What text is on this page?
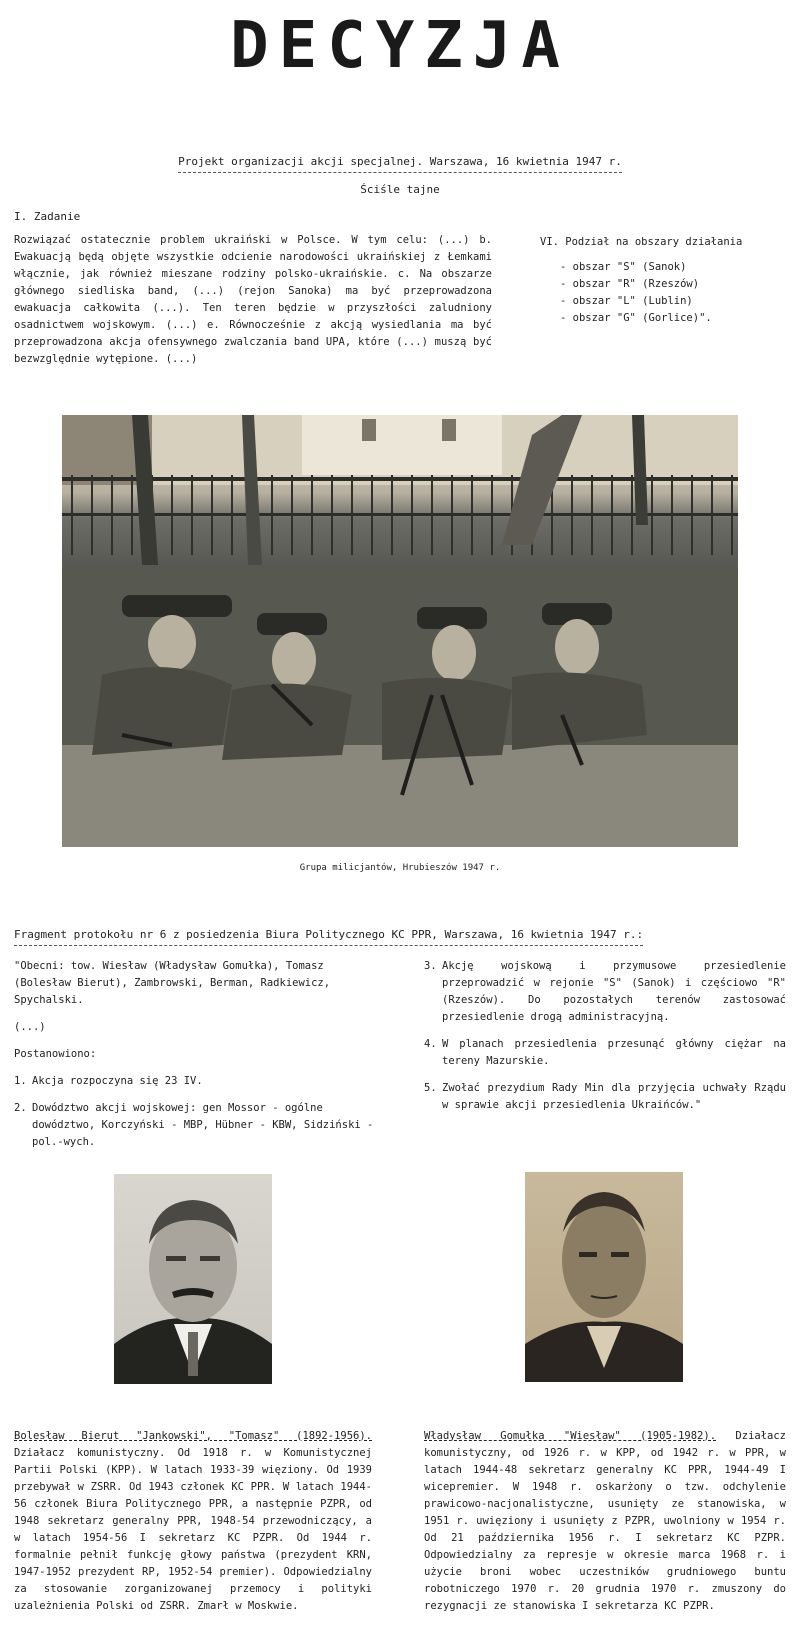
DECYZJA
Projekt organizacji akcji specjalnej. Warszawa, 16 kwietnia 1947 r.
Ściśle tajne
I. Zadanie
Rozwiązać ostatecznie problem ukraiński w Polsce. W tym celu: (...) b. Ewakuacją będą objęte wszystkie odcienie narodowości ukraińskiej z Łemkami włącznie, jak również mieszane rodziny polsko-ukraińskie. c. Na obszarze głównego siedliska band, (...) (rejon Sanoka) ma być przeprowadzona ewakuacja całkowita (...). Ten teren będzie w przyszłości zaludniony osadnictwem wojskowym. (...) e. Równocześnie z akcją wysiedlania ma być przeprowadzona akcja ofensywnego zwalczania band UPA, które (...) muszą być bezwzględnie wytępione. (...)
VI. Podział na obszary działania
- obszar "S" (Sanok)
- obszar "R" (Rzeszów)
- obszar "L" (Lublin)
- obszar "G" (Gorlice)".
Grupa milicjantów, Hrubieszów 1947 r.
Fragment protokołu nr 6 z posiedzenia Biura Politycznego KC PPR, Warszawa, 16 kwietnia 1947 r.:

"Obecni: tow. Wiesław (Władysław Gomułka), Tomasz (Bolesław Bierut), Zambrowski, Berman, Radkiewicz, Spychalski.

(...)

Postanowiono:

1. Akcja rozpoczyna się 23 IV.
2. Dowództwo akcji wojskowej: gen Mossor - ogólne dowództwo, Korczyński - MBP, Hübner - KBW, Sidziński - pol.-wych.
3. Akcję wojskową i przymusowe przesiedlenie przeprowadzić w rejonie "S" (Sanok) i częściowo "R" (Rzeszów). Do pozostałych terenów zastosować przesiedlenie drogą administracyjną.
4. W planach przesiedlenia przesunąć główny ciężar na tereny Mazurskie.
5. Zwołać prezydium Rady Min dla przyjęcia uchwały Rządu w sprawie akcji przesiedlenia Ukraińców."
Bolesław Bierut "Jankowski", "Tomasz" (1892-1956). Działacz komunistyczny. Od 1918 r. w Komunistycznej Partii Polski (KPP). W latach 1933-39 więziony. Od 1939 przebywał w ZSRR. Od 1943 członek KC PPR. W latach 1944-56 członek Biura Politycznego PPR, a następnie PZPR, od 1948 sekretarz generalny PPR, 1948-54 przewodniczący, a w latach 1954-56 I sekretarz KC PZPR. Od 1944 r. formalnie pełnił funkcję głowy państwa (prezydent KRN, 1947-1952 prezydent RP, 1952-54 premier). Odpowiedzialny za stosowanie zorganizowanej przemocy i polityki uzależnienia Polski od ZSRR. Zmarł w Moskwie.
Władysław Gomułka "Wiesław" (1905-1982). Działacz komunistyczny, od 1926 r. w KPP, od 1942 r. w PPR, w latach 1944-48 sekretarz generalny KC PPR, 1944-49 I wicepremier. W 1948 r. oskarżony o tzw. odchylenie prawicowo-nacjonalistyczne, usunięty ze stanowiska, w 1951 r. uwięziony i usunięty z PZPR, uwolniony w 1954 r. Od 21 października 1956 r. I sekretarz KC PZPR. Odpowiedzialny za represje w okresie marca 1968 r. i użycie broni wobec uczestników grudniowego buntu robotniczego 1970 r. 20 grudnia 1970 r. zmuszony do rezygnacji ze stanowiska I sekretarza KC PZPR.
